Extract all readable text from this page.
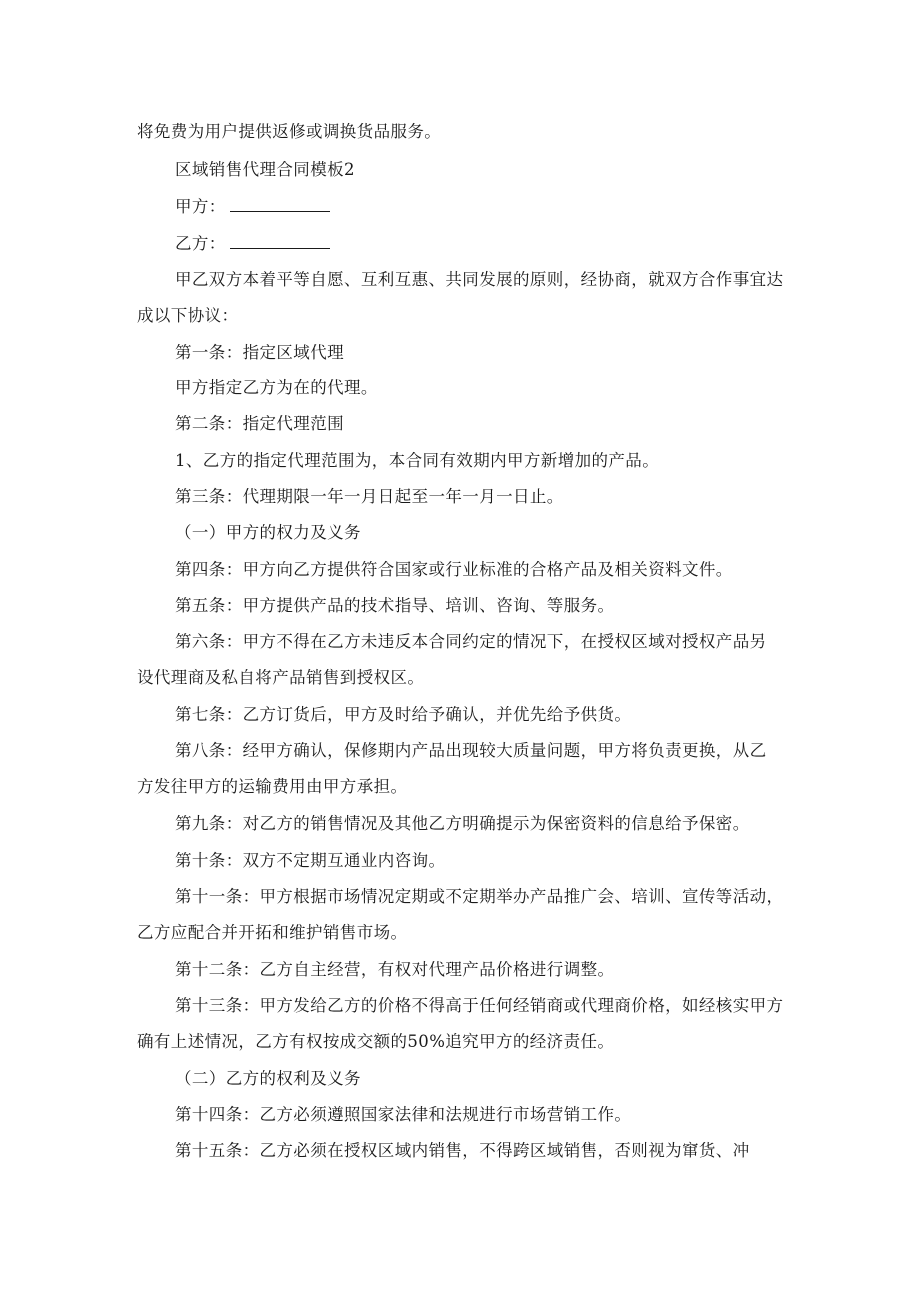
将免费为用户提供返修或调换货品服务。
区域销售代理合同模板2
甲方：
乙方：
甲乙双方本着平等自愿、互利互惠、共同发展的原则，经协商，就双方合作事宜达
成以下协议：
第一条：指定区域代理
甲方指定乙方为在的代理。
第二条：指定代理范围
1、乙方的指定代理范围为，本合同有效期内甲方新增加的产品。
第三条：代理期限一年一月日起至一年一月一日止。
（一）甲方的权力及义务
第四条：甲方向乙方提供符合国家或行业标准的合格产品及相关资料文件。
第五条：甲方提供产品的技术指导、培训、咨询、等服务。
第六条：甲方不得在乙方未违反本合同约定的情况下，在授权区域对授权产品另
设代理商及私自将产品销售到授权区。
第七条：乙方订货后，甲方及时给予确认，并优先给予供货。
第八条：经甲方确认，保修期内产品出现较大质量问题，甲方将负责更换，从乙
方发往甲方的运输费用由甲方承担。
第九条：对乙方的销售情况及其他乙方明确提示为保密资料的信息给予保密。
第十条：双方不定期互通业内咨询。
第十一条：甲方根据市场情况定期或不定期举办产品推广会、培训、宣传等活动，
乙方应配合并开拓和维护销售市场。
第十二条：乙方自主经营，有权对代理产品价格进行调整。
第十三条：甲方发给乙方的价格不得高于任何经销商或代理商价格，如经核实甲方
确有上述情况，乙方有权按成交额的50%追究甲方的经济责任。
（二）乙方的权利及义务
第十四条：乙方必须遵照国家法律和法规进行市场营销工作。
第十五条：乙方必须在授权区域内销售，不得跨区域销售，否则视为窜货、冲
